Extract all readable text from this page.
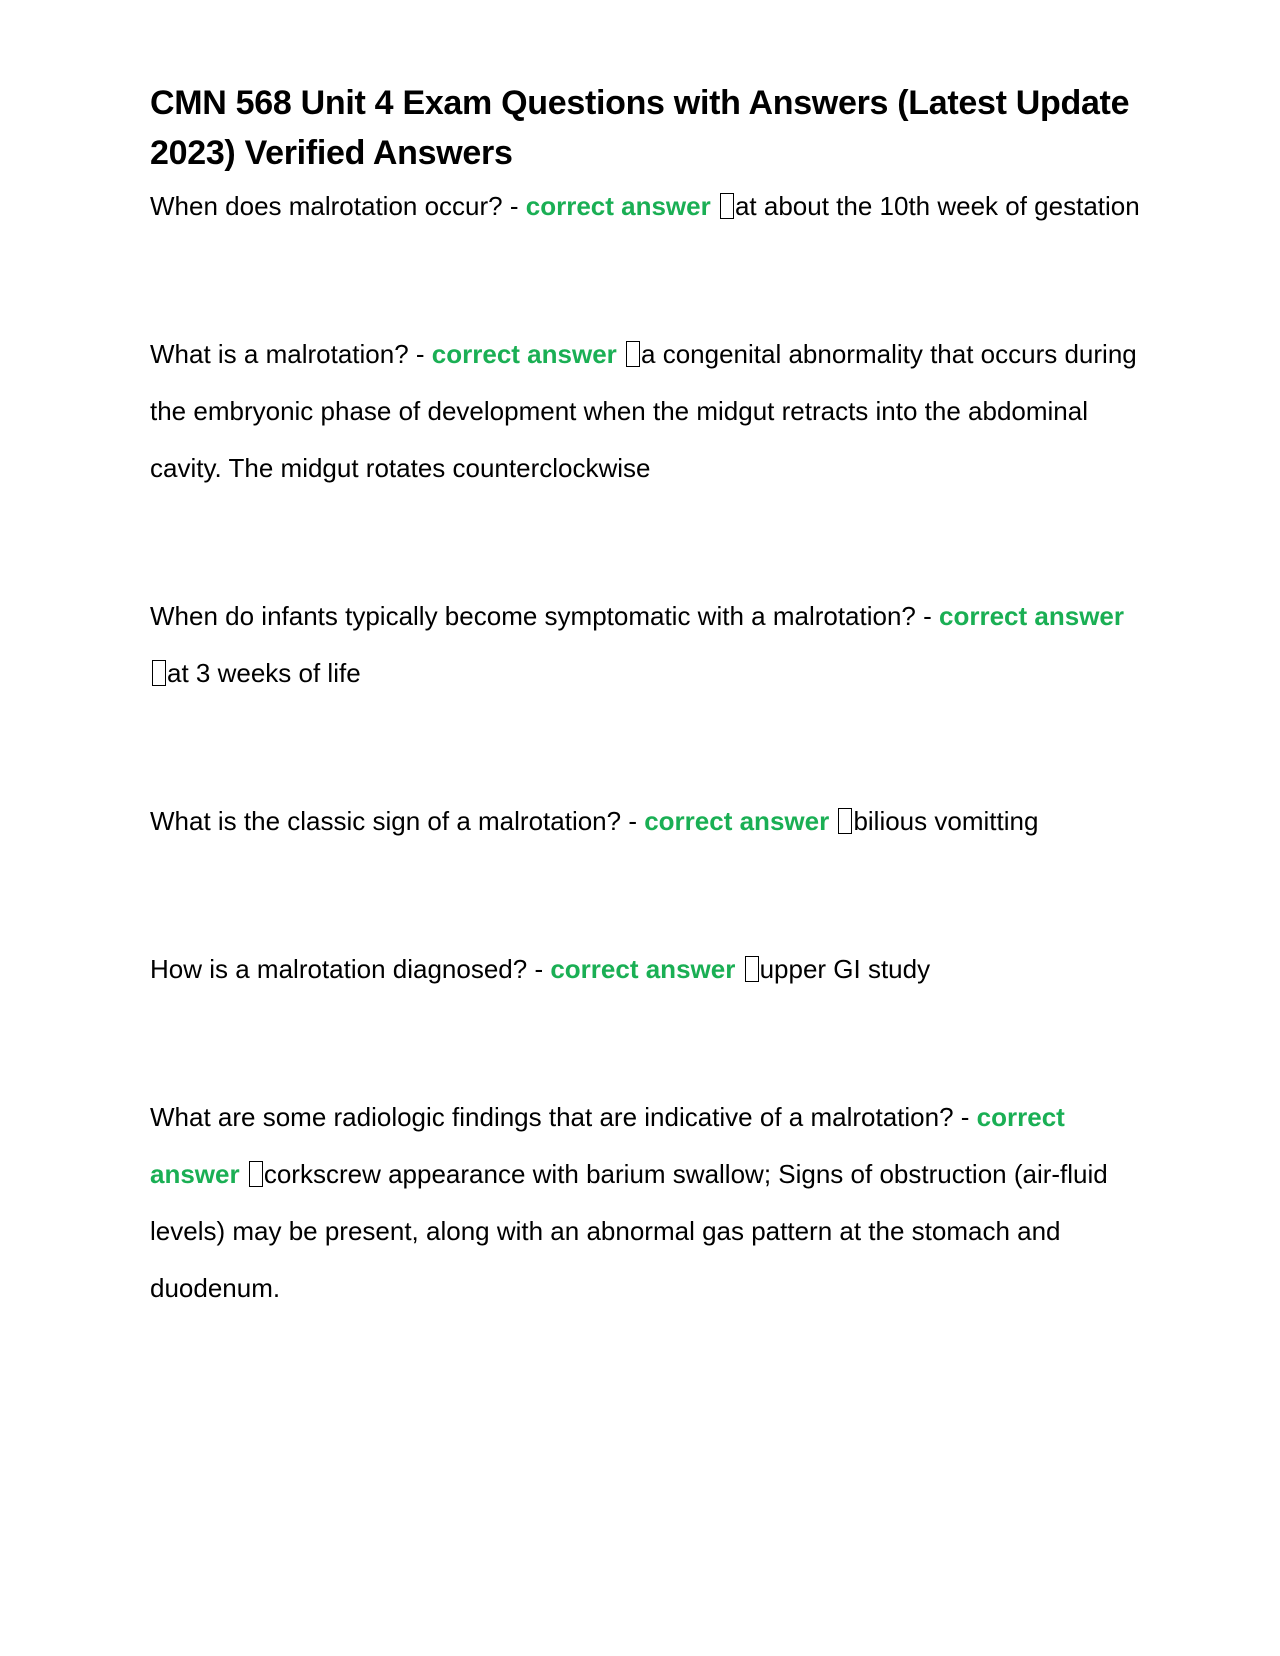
CMN 568 Unit 4 Exam Questions with Answers (Latest Update 2023) Verified Answers

When does malrotation occur? - correct answer at about the 10th week of gestation

What is a malrotation? - correct answer a congenital abnormality that occurs during the embryonic phase of development when the midgut retracts into the abdominal cavity. The midgut rotates counterclockwise

When do infants typically become symptomatic with a malrotation? - correct answer at 3 weeks of life

What is the classic sign of a malrotation? - correct answer bilious vomitting

How is a malrotation diagnosed? - correct answer upper GI study

What are some radiologic findings that are indicative of a malrotation? - correct answer corkscrew appearance with barium swallow; Signs of obstruction (air-fluid levels) may be present, along with an abnormal gas pattern at the stomach and duodenum.
